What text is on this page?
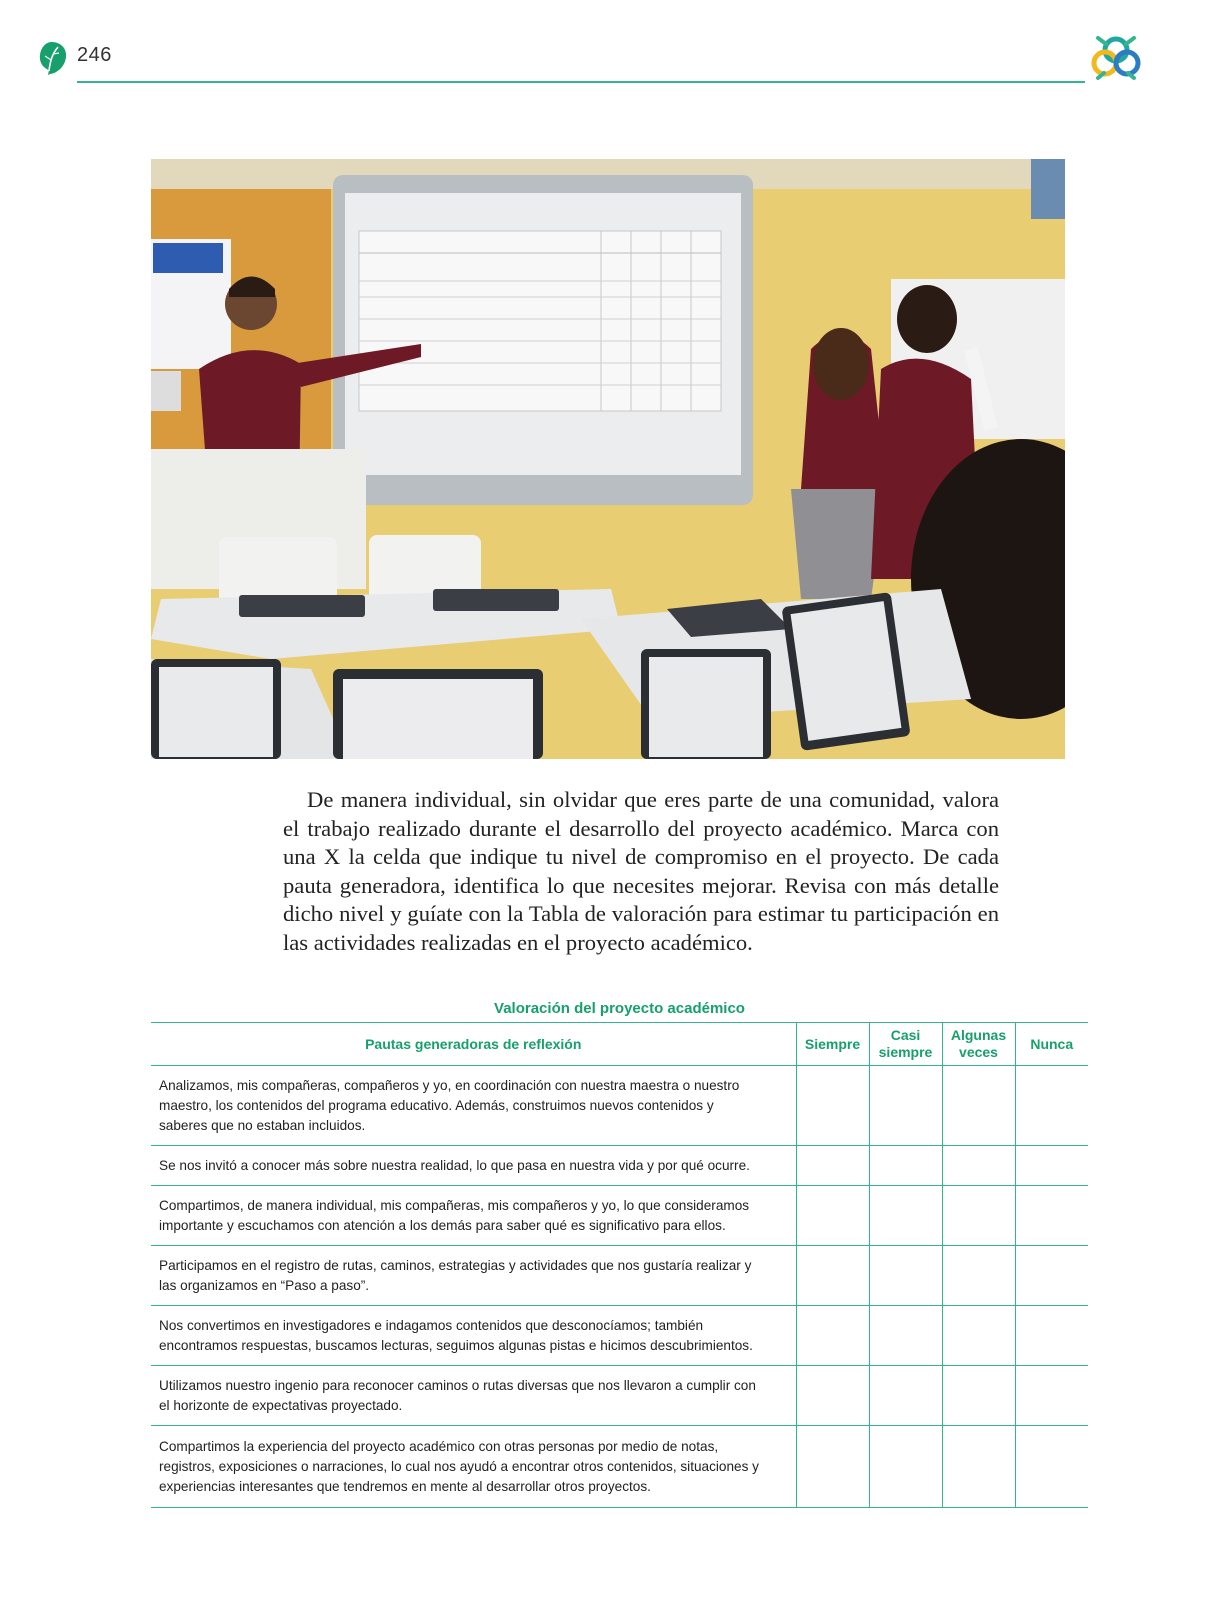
246

De manera individual, sin olvidar que eres parte de una comunidad, valora el trabajo realizado durante el desarrollo del proyecto académico. Marca con una X la celda que indique tu nivel de compromiso en el proyecto. De cada pauta generadora, identifica lo que necesites mejorar. Revisa con más detalle dicho nivel y guíate con la Tabla de valoración para estimar tu participación en las actividades realizadas en el proyecto académico.

Valoración del proyecto académico
Pautas generadoras de reflexión	Siempre	Casi siempre	Algunas veces	Nunca
Analizamos, mis compañeras, compañeros y yo, en coordinación con nuestra maestra o nuestro maestro, los contenidos del programa educativo. Además, construimos nuevos contenidos y saberes que no estaban incluidos.				
Se nos invitó a conocer más sobre nuestra realidad, lo que pasa en nuestra vida y por qué ocurre.				
Compartimos, de manera individual, mis compañeras, mis compañeros y yo, lo que consideramos importante y escuchamos con atención a los demás para saber qué es significativo para ellos.				
Participamos en el registro de rutas, caminos, estrategias y actividades que nos gustaría realizar y las organizamos en “Paso a paso”.				
Nos convertimos en investigadores e indagamos contenidos que desconocíamos; también encontramos respuestas, buscamos lecturas, seguimos algunas pistas e hicimos descubrimientos.				
Utilizamos nuestro ingenio para reconocer caminos o rutas diversas que nos llevaron a cumplir con el horizonte de expectativas proyectado.				
Compartimos la experiencia del proyecto académico con otras personas por medio de notas, registros, exposiciones o narraciones, lo cual nos ayudó a encontrar otros contenidos, situaciones y experiencias interesantes que tendremos en mente al desarrollar otros proyectos.				
